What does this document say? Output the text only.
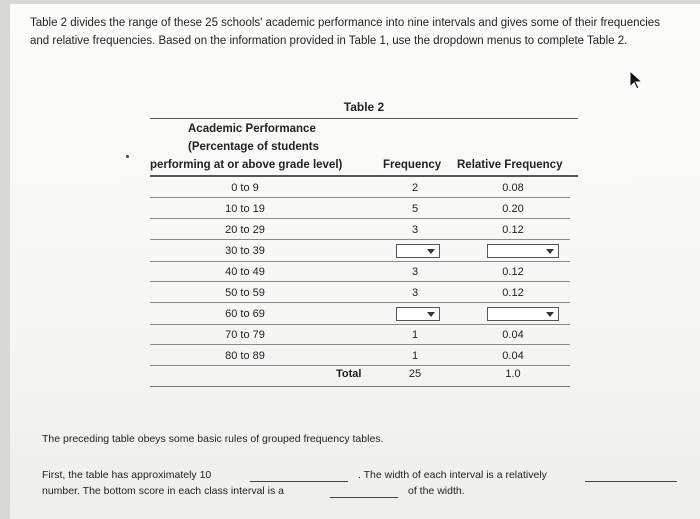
Table 2 divides the range of these 25 schools' academic performance into nine intervals and gives some of their frequencies and relative frequencies. Based on the information provided in Table 1, use the dropdown menus to complete Table 2.
Table 2
Academic Performance
(Percentage of students
performing at or above grade level)	Frequency Relative Frequency
0 to 9	2	0.08
10 to 19	5	0.20
20 to 29	3	0.12
30 to 39
40 to 49	3	0.12
50 to 59	3	0.12
60 to 69
70 to 79	1	0.04
80 to 89	1	0.04
Total	25	1.0
The preceding table obeys some basic rules of grouped frequency tables.
First, the table has approximately 10	. The width of each interval is a relatively
number. The bottom score in each class interval is a	of the width.
